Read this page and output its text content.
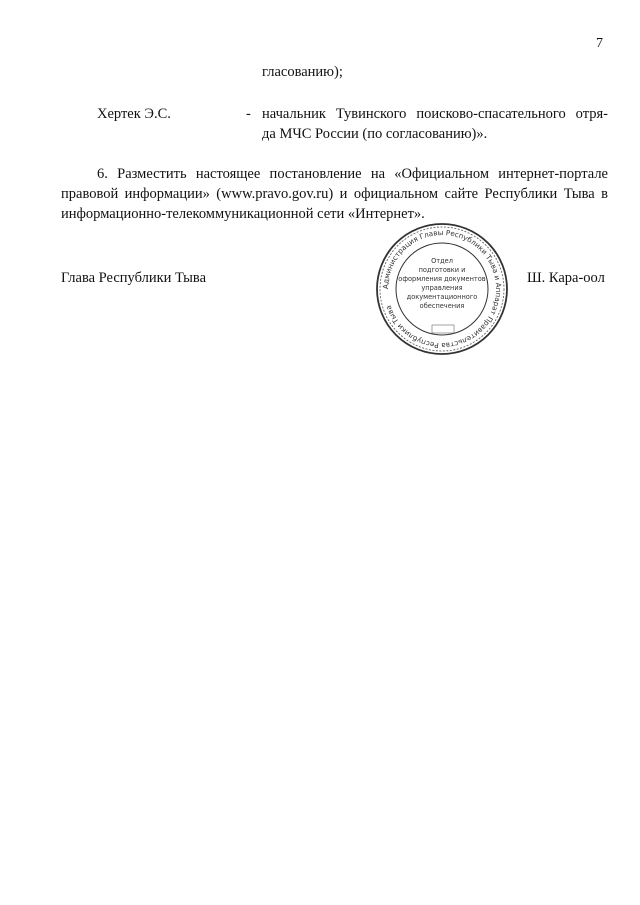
7
гласованию);
Хертек Э.С.	- начальник Тувинского поисково-спасательного отря-
да МЧС России (по согласованию)».
6. Разместить настоящее постановление на «Официальном интернет-портале
правовой информации» (www.pravo.gov.ru) и официальном сайте Республики Тыва в
информационно-телекоммуникационной сети «Интернет».
Глава Республики Тыва	Ш. Кара-оол
Администрация Главы Республики Тыва и Аппарат Правительства Республики Тыва
Отдел
подготовки и
оформления документов
управления
документационного
обеспечения
